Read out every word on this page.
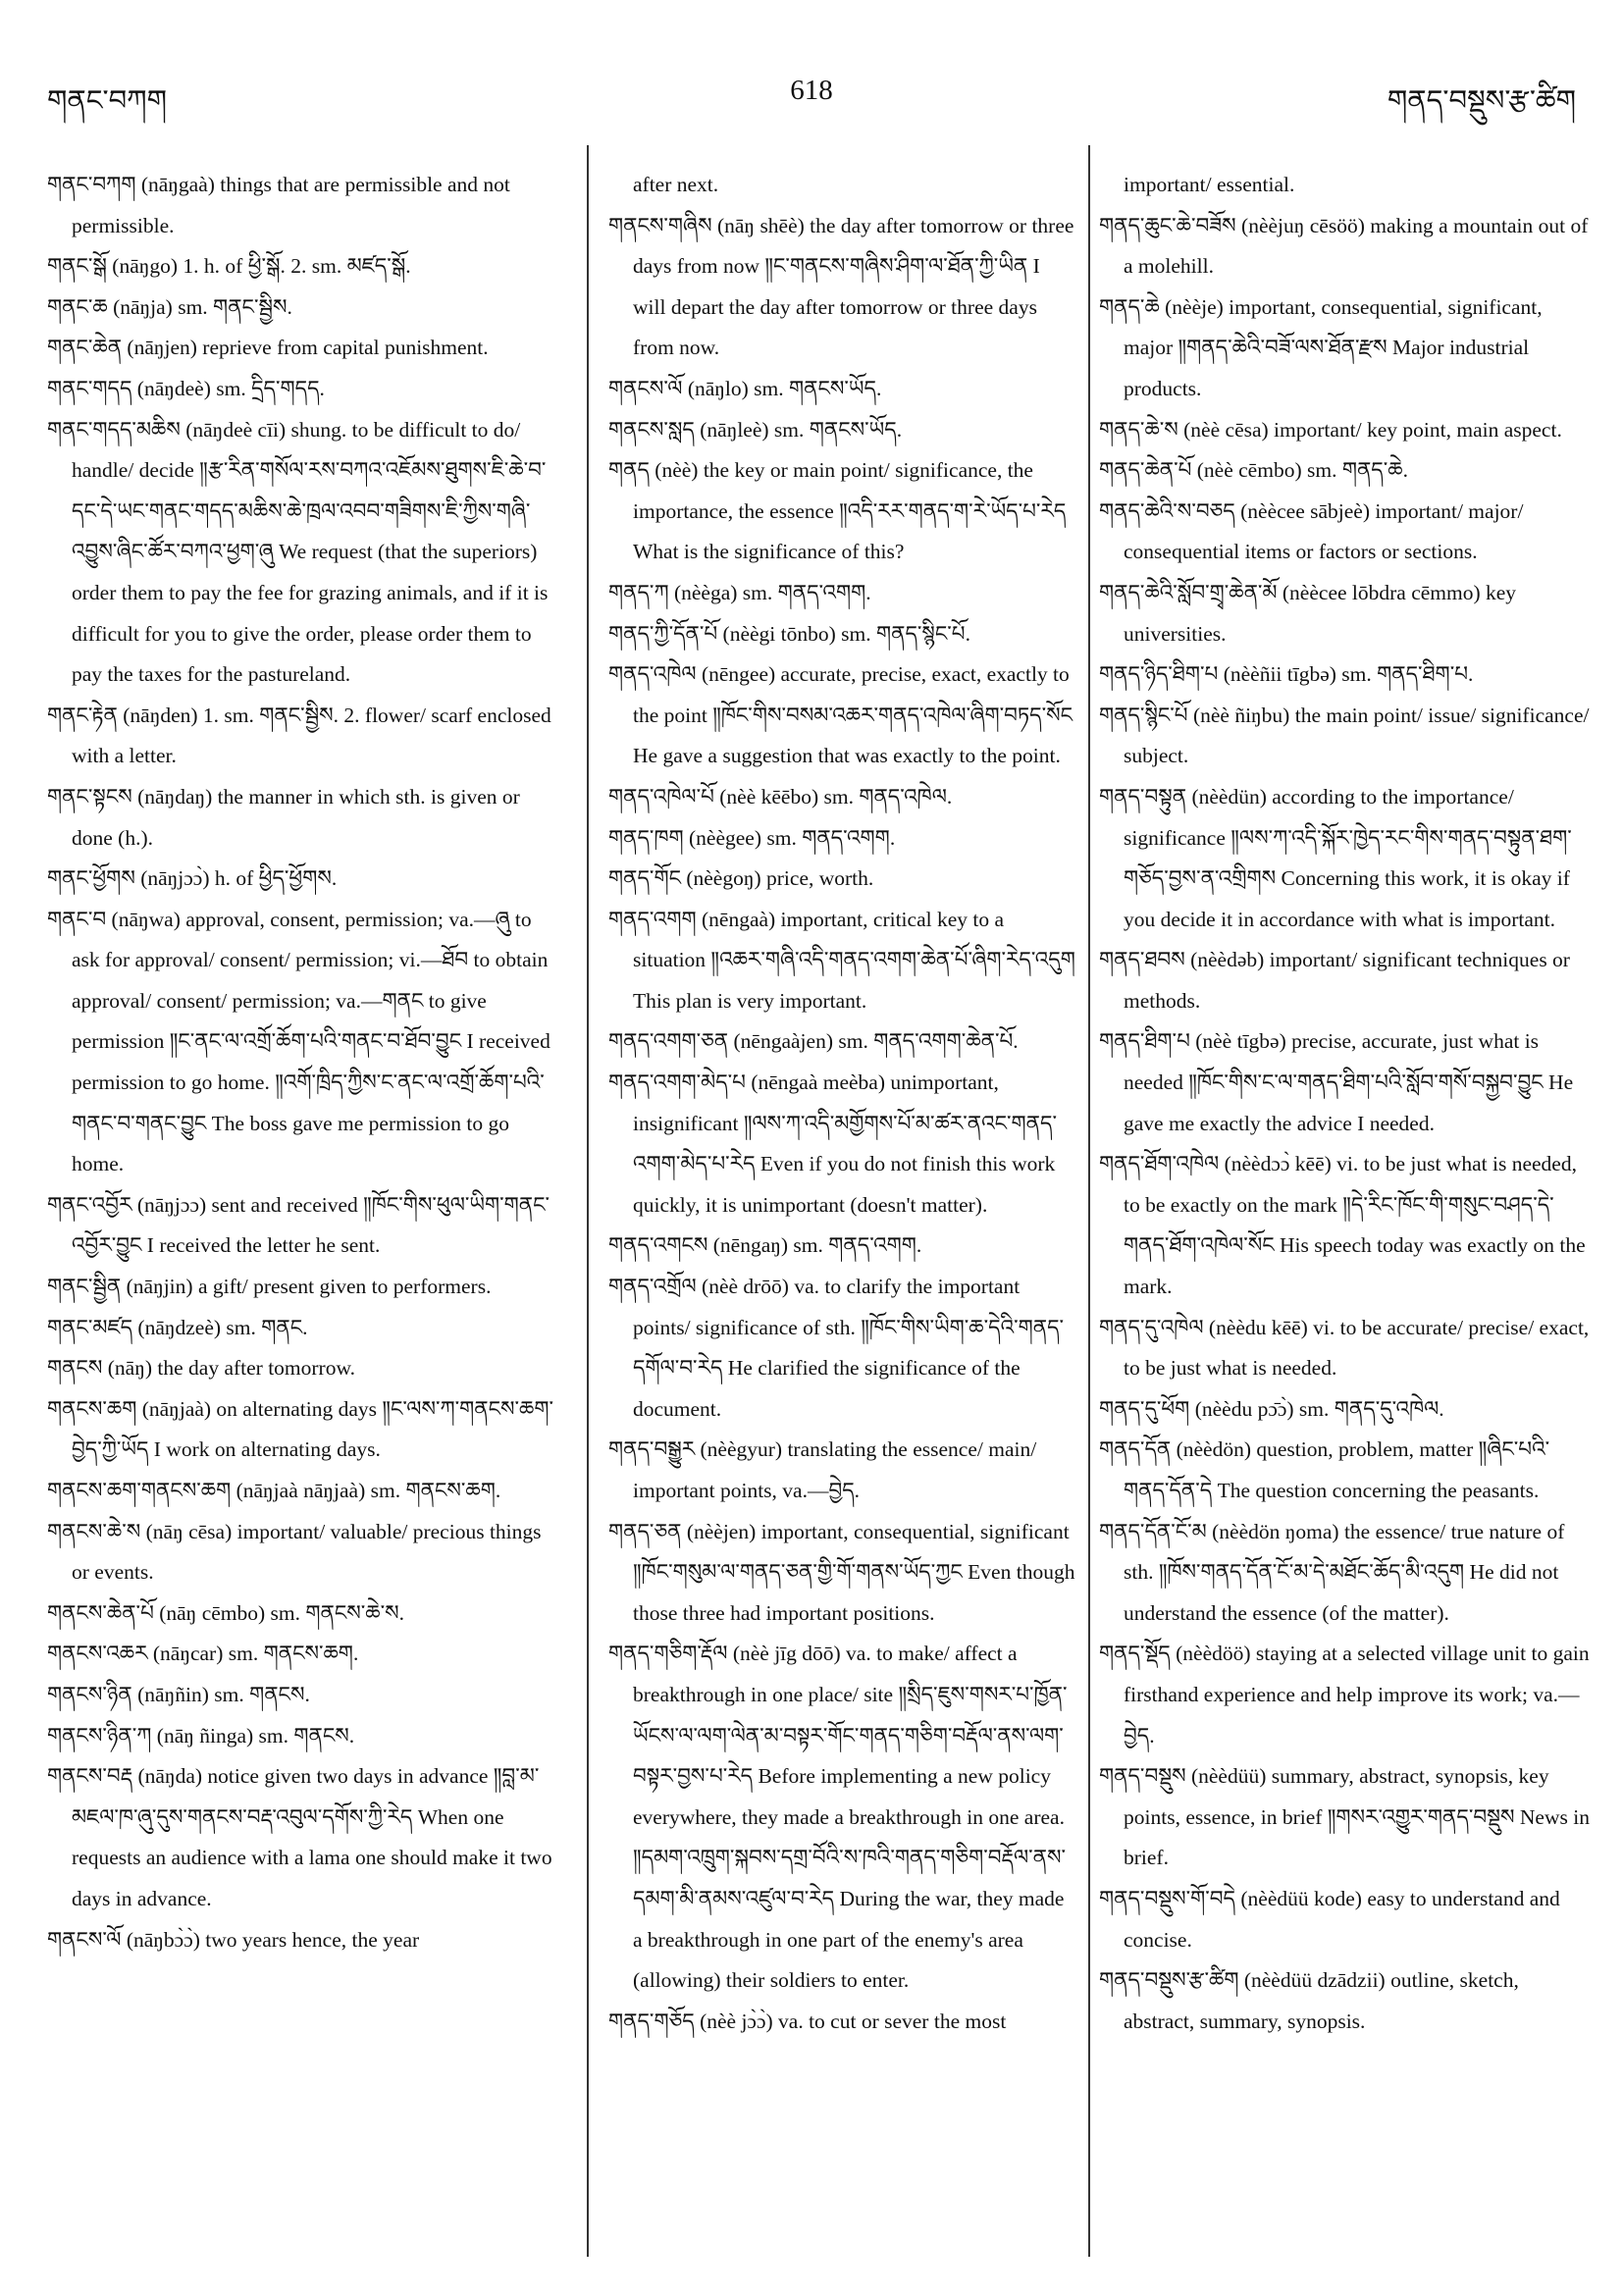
གནང་བཀག	618	གནད་བསྡུས་རྩ་ཚིག

གནང་བཀག (nāŋgaà) things that are permissible and not permissible.

གནང་སྒོ (nāŋgo) 1. h. of ཕྱི་སྒོ. 2. sm. མཛད་སྒོ.

གནང་ཆ (nāŋja) sm. གནང་སྦྱིས.

གནང་ཆེན (nāŋjen) reprieve from capital punishment.

གནང་གདད (nāŋdeè) sm. དྲིད་གདད.

གནང་གདད་མཆིས (nāŋdeè cīi) shung. to be difficult to do/ handle/ decide ༎རྩ་རིན་གསོལ་རས་བཀའ་འཇོམས་ཐུགས་ཇི་ཆེ་བ་དང་དེ་ཡང་གནང་གདད་མཆིས་ཆེ་ཁྲལ་འབབ་གཟིགས་ཇི་ཀྱིས་གཞི་འབྱུས་ཞིང་ཚོར་བཀའ་ཕྱག་ཞུ We request (that the superiors) order them to pay the fee for grazing animals, and if it is difficult for you to give the order, please order them to pay the taxes for the pastureland.

གནང་རྟེན (nāŋden) 1. sm. གནང་སྦྱིས. 2. flower/ scarf enclosed with a letter.

གནང་སྟངས (nāŋdaŋ) the manner in which sth. is given or done (h.).

གནང་ཕྱོགས (nāŋjɔɔ̀) h. of ཕྱིད་ཕྱོགས.

གནང་བ (nāŋwa) approval, consent, permission; va.—ཞུ to ask for approval/ consent/ permission; vi.—ཐོབ to obtain approval/ consent/ permission; va.—གནང to give permission ༎ང་ནང་ལ་འགྲོ་ཆོག་པའི་གནང་བ་ཐོབ་བྱུང I received permission to go home. ༎འགོ་ཁྲིད་ཀྱིས་ང་ནང་ལ་འགྲོ་ཆོག་པའི་གནང་བ་གནང་བྱུང The boss gave me permission to go home.

གནང་འབྱོར (nāŋjɔɔ) sent and received ༎ཁོང་གིས་ཕུལ་ཡིག་གནང་འབྱོར་བྱུང I received the letter he sent.

གནང་སྦྱིན (nāŋjin) a gift/ present given to performers.

གནང་མཛད (nāŋdzeè) sm. གནང.

གནངས (nāŋ) the day after tomorrow.

གནངས་ཆག (nāŋjaà) on alternating days ༎ང་ལས་ཀ་གནངས་ཆག་བྱེད་ཀྱི་ཡོད I work on alternating days.

གནངས་ཆག་གནངས་ཆག (nāŋjaà nāŋjaà) sm. གནངས་ཆག.

གནངས་ཆེ་ས (nāŋ cēsa) important/ valuable/ precious things or events.

གནངས་ཆེན་པོ (nāŋ cēmbo) sm. གནངས་ཆེ་ས.

གནངས་འཆར (nāŋcar) sm. གནངས་ཆག.

གནངས་ཉིན (nāŋñin) sm. གནངས.

གནངས་ཉིན་ཀ (nāŋ ñinga) sm. གནངས.

གནངས་བརྡ (nāŋda) notice given two days in advance ༎བླ་མ་མཇལ་ཁ་ཞུ་དུས་གནངས་བརྡ་འབུལ་དགོས་ཀྱི་རེད When one requests an audience with a lama one should make it two days in advance.

གནངས་ལོ (nāŋbɔ̀ɔ̀) two years hence, the year

after next.

གནངས་གཞིས (nāŋ shēè) the day after tomorrow or three days from now ༎ང་གནངས་གཞིས་ཤིག་ལ་ཐོན་ཀྱི་ཡིན I will depart the day after tomorrow or three days from now.

གནངས་ལོ (nāŋlo) sm. གནངས་ཡོད.

གནངས་སླད (nāŋleè) sm. གནངས་ཡོད.

གནད (nèè) the key or main point/ significance, the importance, the essence ༎འདི་རར་གནད་ག་རེ་ཡོད་པ་རེད What is the significance of this?

གནད་ཀ (nèèga) sm. གནད་འགག.

གནད་ཀྱི་དོན་པོ (nèègi tōnbo) sm. གནད་སྙིང་པོ.

གནད་འཁེལ (nēngee) accurate, precise, exact, exactly to the point ༎ཁོང་གིས་བསམ་འཆར་གནད་འཁེལ་ཞིག་བཏད་སོང He gave a suggestion that was exactly to the point.

གནད་འཁེལ་པོ (nèè kēēbo) sm. གནད་འཁེལ.

གནད་ཁག (nèègee) sm. གནད་འགག.

གནད་གོང (nèègoŋ) price, worth.

གནད་འགག (nēngaà) important, critical key to a situation ༎འཆར་གཞི་འདི་གནད་འགག་ཆེན་པོ་ཞིག་རེད་འདུག This plan is very important.

གནད་འགག་ཅན (nēngaàjen) sm. གནད་འགག་ཆེན་པོ.

གནད་འགག་མེད་པ (nēngaà meèba) unimportant, insignificant ༎ལས་ཀ་འདི་མགྱོགས་པོ་མ་ཚར་ནའང་གནད་འགག་མེད་པ་རེད Even if you do not finish this work quickly, it is unimportant (doesn't matter).

གནད་འགངས (nēngaŋ) sm. གནད་འགག.

གནད་འགྲོལ (nèè drōō) va. to clarify the important points/ significance of sth. ༎ཁོང་གིས་ཡིག་ཆ་དེའི་གནད་དགོལ་བ་རེད He clarified the significance of the document.

གནད་བསྒྱུར (nèègyur) translating the essence/ main/ important points, va.—བྱེད.

གནད་ཅན (nèèjen) important, consequential, significant ༎ཁོང་གསུམ་ལ་གནད་ཅན་གྱི་གོ་གནས་ཡོད་ཀྱང Even though those three had important positions.

གནད་གཅིག་རྡོལ (nèè jīg dōō) va. to make/ affect a breakthrough in one place/ site ༎སྲིད་ཇུས་གསར་པ་ཁྱོན་ཡོངས་ལ་ལག་ལེན་མ་བསྟར་གོང་གནད་གཅིག་བརྡོལ་ནས་ལག་བསྟར་བྱས་པ་རེད Before implementing a new policy everywhere, they made a breakthrough in one area. ༎དམག་འཁྲུག་སྐབས་དགྲ་བོའི་ས་ཁའི་གནད་གཅིག་བརྡོལ་ནས་དམག་མི་ནམས་འཛུལ་བ་རེད During the war, they made a breakthrough in one part of the enemy's area (allowing) their soldiers to enter.

གནད་གཅོད (nèè jɔ̀ɔ̀) va. to cut or sever the most

important/ essential.

གནད་ཆུང་ཆེ་བཟོས (nèèjuŋ cēsöö) making a mountain out of a molehill.

གནད་ཆེ (nèèje) important, consequential, significant, major ༎གནད་ཆེའི་བཟོ་ལས་ཐོན་རྫས Major industrial products.

གནད་ཆེ་ས (nèè cēsa) important/ key point, main aspect.

གནད་ཆེན་པོ (nèè cēmbo) sm. གནད་ཆེ.

གནད་ཆེའི་ས་བཅད (nèècee sābjeè) important/ major/ consequential items or factors or sections.

གནད་ཆེའི་སློབ་གྲྭ་ཆེན་མོ (nèècee lōbdra cēmmo) key universities.

གནད་ཉིད་ཐིག་པ (nèèñii tīgbə) sm. གནད་ཐིག་པ.

གནད་སྙིང་པོ (nèè ñiŋbu) the main point/ issue/ significance/ subject.

གནད་བསྟུན (nèèdün) according to the importance/ significance ༎ལས་ཀ་འདི་སྐོར་ཁྱེད་རང་གིས་གནད་བསྟུན་ཐག་གཅོད་བྱས་ན་འགྲིགས Concerning this work, it is okay if you decide it in accordance with what is important.

གནད་ཐབས (nèèdəb) important/ significant techniques or methods.

གནད་ཐིག་པ (nèè tīgbə) precise, accurate, just what is needed ༎ཁོང་གིས་ང་ལ་གནད་ཐིག་པའི་སློབ་གསོ་བསྐྱབ་བྱུང He gave me exactly the advice I needed.

གནད་ཐོག་འཁེལ (nèèdɔɔ̀ kēē) vi. to be just what is needed, to be exactly on the mark ༎དེ་རིང་ཁོང་གི་གསུང་བཤད་དེ་གནད་ཐོག་འཁེལ་སོང His speech today was exactly on the mark.

གནད་དུ་འཁེལ (nèèdu kēē) vi. to be accurate/ precise/ exact, to be just what is needed.

གནད་དུ་ཕོག (nèèdu pɔ̄ɔ̀) sm. གནད་དུ་འཁེལ.

གནད་དོན (nèèdön) question, problem, matter ༎ཞིང་པའི་གནད་དོན་དེ The question concerning the peasants.

གནད་དོན་ངོ་མ (nèèdön ŋoma) the essence/ true nature of sth. ༎ཁོས་གནད་དོན་ངོ་མ་དེ་མཐོང་ཆོད་མི་འདུག He did not understand the essence (of the matter).

གནད་སྡོད (nèèdöö) staying at a selected village unit to gain firsthand experience and help improve its work; va.—བྱེད.

གནད་བསྡུས (nèèdüü) summary, abstract, synopsis, key points, essence, in brief ༎གསར་འགྱུར་གནད་བསྡུས News in brief.

གནད་བསྡུས་གོ་བདེ (nèèdüü kode) easy to understand and concise.

གནད་བསྡུས་རྩ་ཚིག (nèèdüü dzādzii) outline, sketch, abstract, summary, synopsis.
